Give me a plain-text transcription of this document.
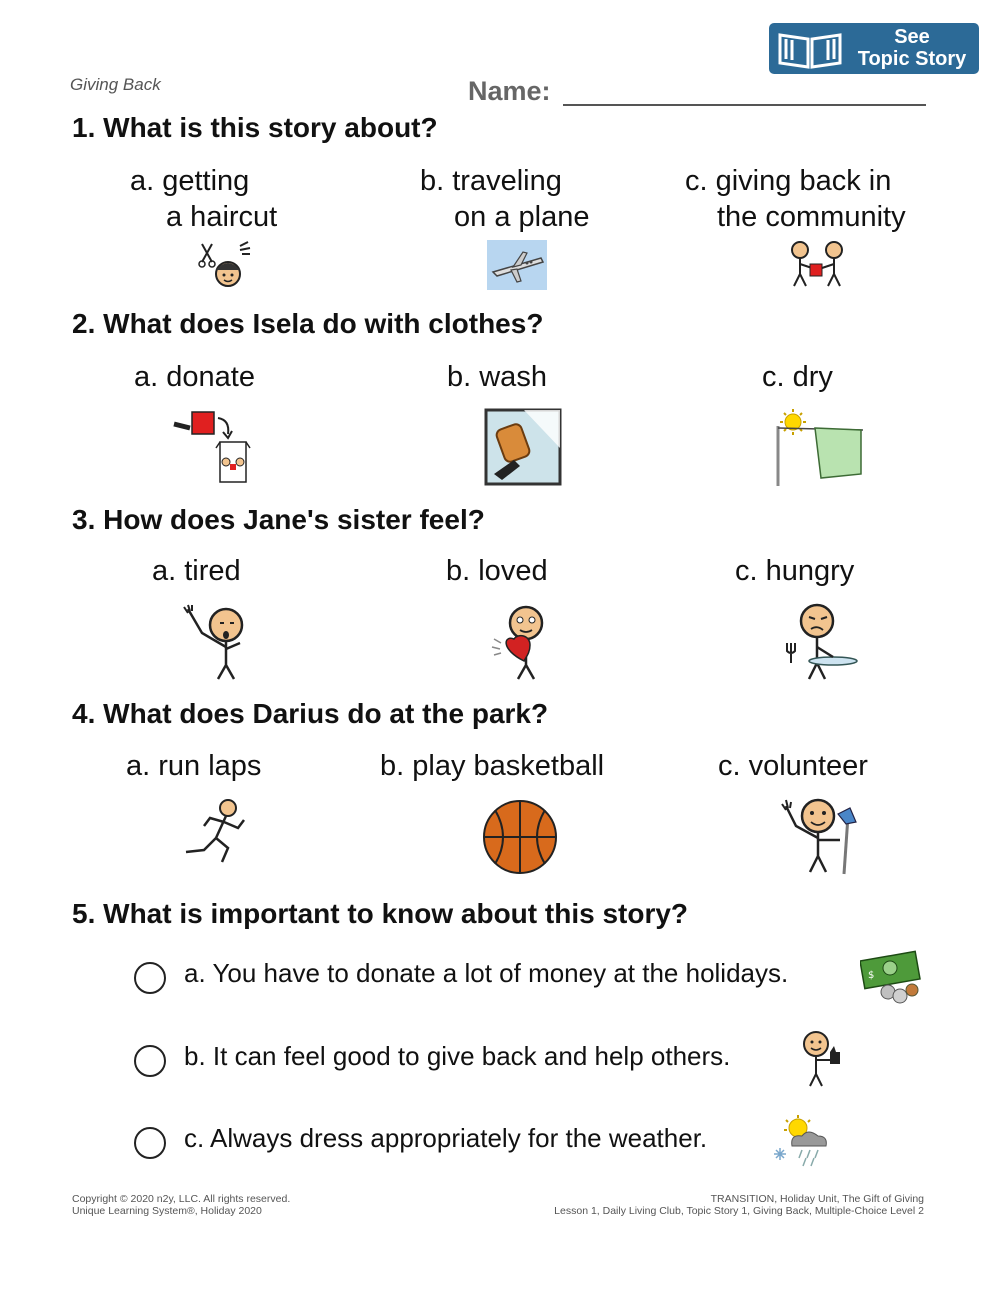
Giving Back	Name:
See
Topic Story
1. What is this story about?
a. getting
a haircut
b. traveling
on a plane
c. giving back in
the community
2. What does Isela do with clothes?
a. donate	b. wash	c. dry
3. How does Jane's sister feel?
a. tired	b. loved	c. hungry
4. What does Darius do at the park?
a. run laps	b. play basketball	c. volunteer
5. What is important to know about this story?
a. You have to donate a lot of money at the holidays.	$
b. It can feel good to give back and help others.
c. Always dress appropriately for the weather.
Copyright © 2020 n2y, LLC. All rights reserved.
Unique Learning System®, Holiday 2020
TRANSITION, Holiday Unit, The Gift of Giving
Lesson 1, Daily Living Club, Topic Story 1, Giving Back, Multiple-Choice Level 2
